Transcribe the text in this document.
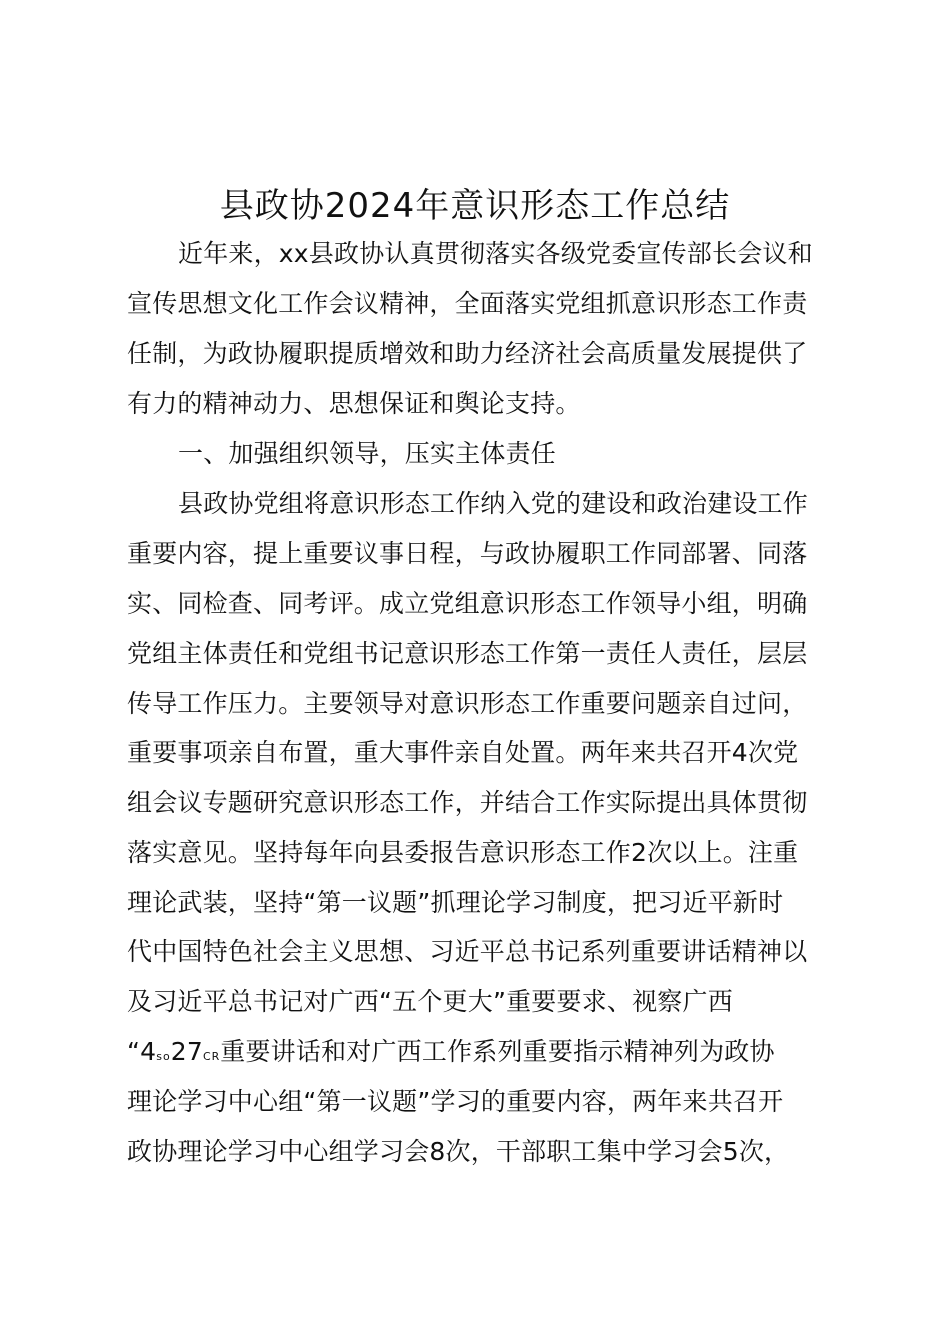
县政协2024年意识形态工作总结
近年来，xx县政协认真贯彻落实各级党委宣传部长会议和
宣传思想文化工作会议精神，全面落实党组抓意识形态工作责
任制，为政协履职提质增效和助力经济社会高质量发展提供了
有力的精神动力、思想保证和舆论支持。
一、加强组织领导，压实主体责任
县政协党组将意识形态工作纳入党的建设和政治建设工作
重要内容，提上重要议事日程，与政协履职工作同部署、同落
实、同检查、同考评。成立党组意识形态工作领导小组，明确
党组主体责任和党组书记意识形态工作第一责任人责任，层层
传导工作压力。主要领导对意识形态工作重要问题亲自过问，
重要事项亲自布置，重大事件亲自处置。两年来共召开4次党
组会议专题研究意识形态工作，并结合工作实际提出具体贯彻
落实意见。坚持每年向县委报告意识形态工作2次以上。注重
理论武装，坚持“第一议题”抓理论学习制度，把习近平新时
代中国特色社会主义思想、习近平总书记系列重要讲话精神以
及习近平总书记对广西“五个更大”重要要求、视察广西
“4so27CR重要讲话和对广西工作系列重要指示精神列为政协
理论学习中心组“第一议题”学习的重要内容，两年来共召开
政协理论学习中心组学习会8次，干部职工集中学习会5次，
